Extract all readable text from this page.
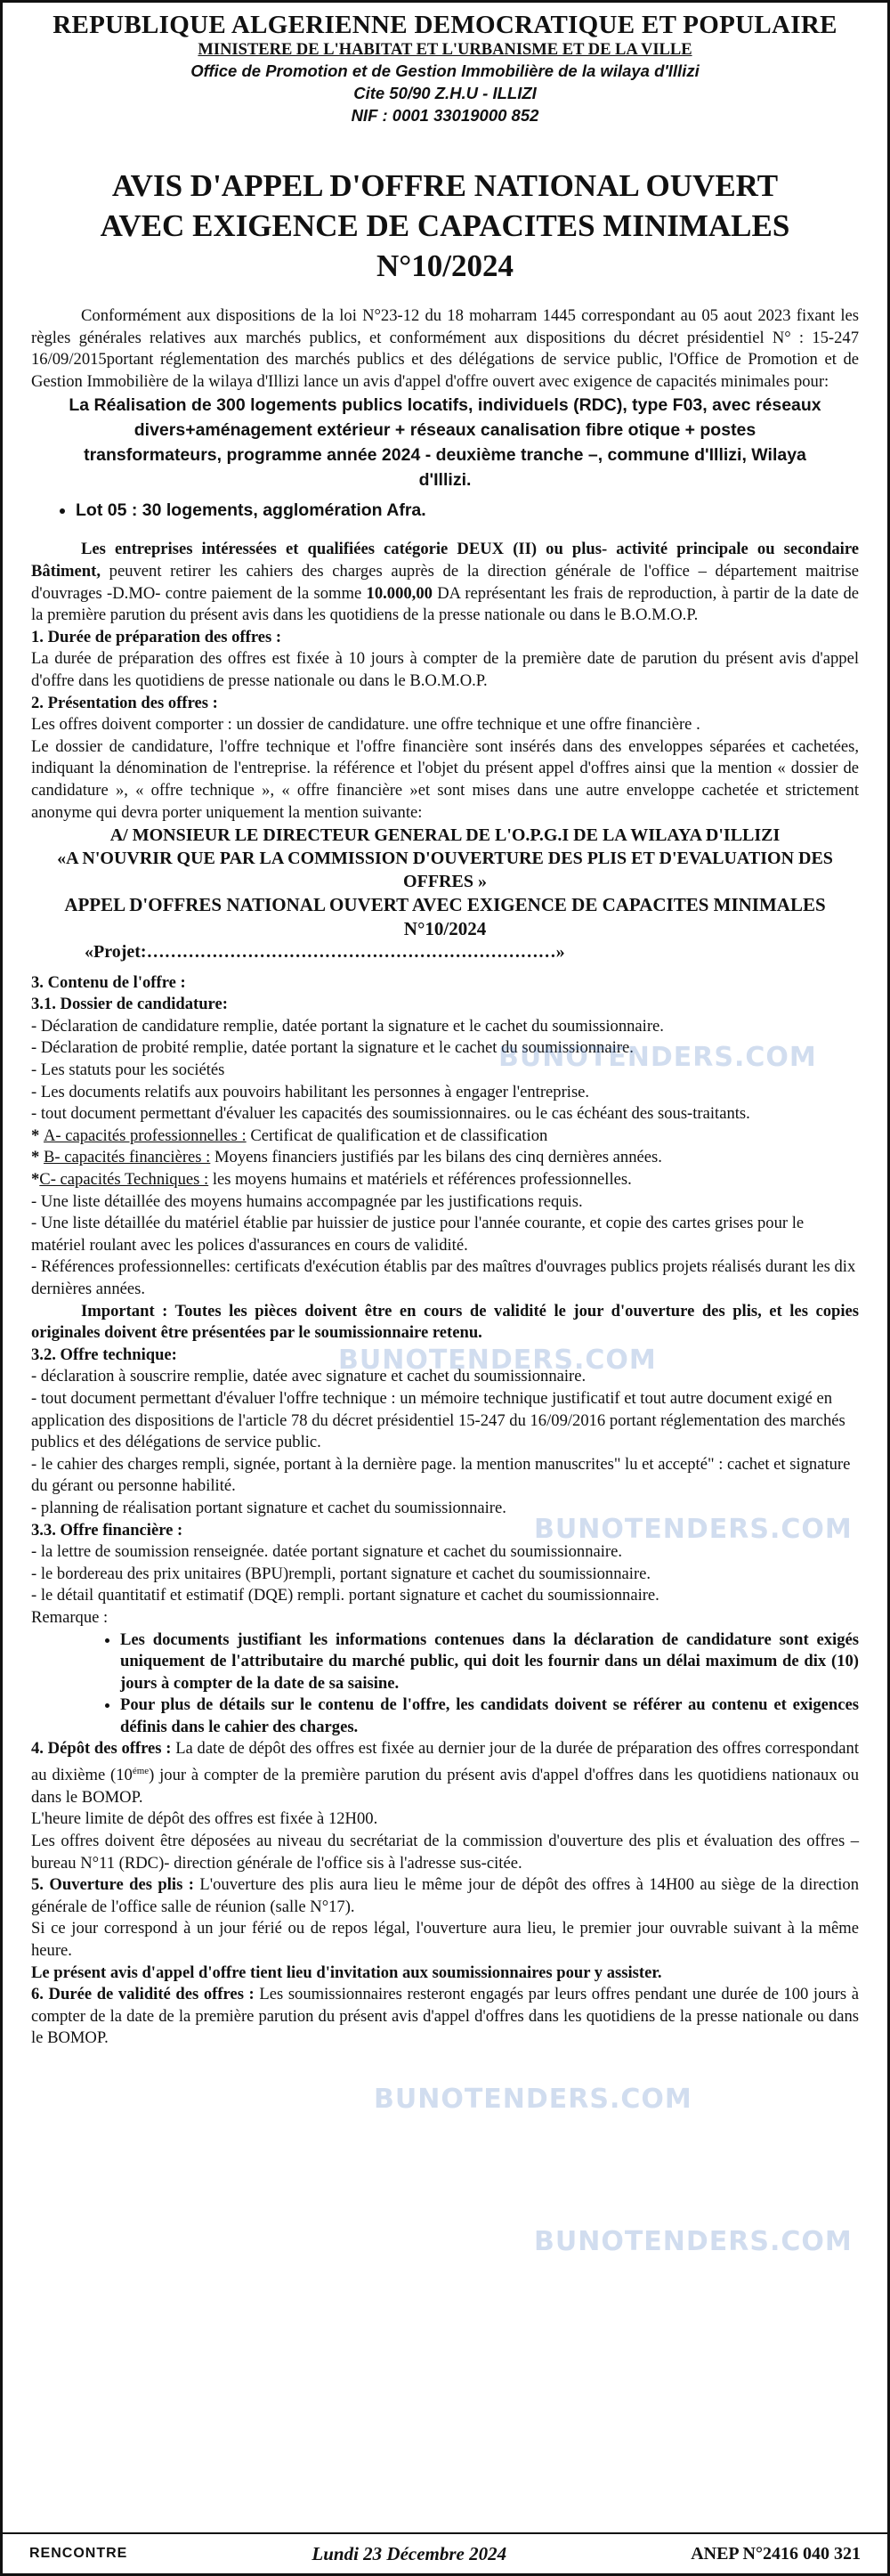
REPUBLIQUE ALGERIENNE DEMOCRATIQUE ET POPULAIRE
MINISTERE DE L'HABITAT ET L'URBANISME ET DE LA VILLE
Office de Promotion et de Gestion Immobilière de la wilaya d'Illizi
Cite 50/90 Z.H.U - ILLIZI
NIF : 0001 33019000 852
AVIS D'APPEL D'OFFRE NATIONAL OUVERT
AVEC EXIGENCE DE CAPACITES MINIMALES
N°10/2024

Conformément aux dispositions de la loi N°23-12 du 18 moharram 1445 correspondant au 05 aout 2023 fixant les règles générales relatives aux marchés publics, et conformément aux dispositions du décret présidentiel N° : 15-247 16/09/2015portant réglementation des marchés publics et des délégations de service public, l'Office de Promotion et de Gestion Immobilière de la wilaya d'Illizi lance un avis d'appel d'offre ouvert avec exigence de capacités minimales pour:

La Réalisation de 300 logements publics locatifs, individuels (RDC), type F03, avec réseaux divers+aménagement extérieur + réseaux canalisation fibre otique + postes transformateurs, programme année 2024 - deuxième tranche –, commune d'Illizi, Wilaya d'Illizi.
• Lot 05 : 30 logements, agglomération Afra.

Les entreprises intéressées et qualifiées catégorie DEUX (II) ou plus- activité principale ou secondaire Bâtiment, peuvent retirer les cahiers des charges auprès de la direction générale de l'office – département maitrise d'ouvrages -D.MO- contre paiement de la somme 10.000,00 DA représentant les frais de reproduction, à partir de la date de la première parution du présent avis dans les quotidiens de la presse nationale ou dans le B.O.M.O.P.

1. Durée de préparation des offres :

La durée de préparation des offres est fixée à 10 jours à compter de la première date de parution du présent avis d'appel d'offre dans les quotidiens de presse nationale ou dans le B.O.M.O.P.

2. Présentation des offres :

Les offres doivent comporter : un dossier de candidature. une offre technique et une offre financière .

Le dossier de candidature, l'offre technique et l'offre financière sont insérés dans des enveloppes séparées et cachetées, indiquant la dénomination de l'entreprise. la référence et l'objet du présent appel d'offres ainsi que la mention « dossier de candidature », « offre technique », « offre financière »et sont mises dans une autre enveloppe cachetée et strictement anonyme qui devra porter uniquement la mention suivante:

A/ MONSIEUR LE DIRECTEUR GENERAL DE L'O.P.G.I DE LA WILAYA D'ILLIZI
«A N'OUVRIR QUE PAR LA COMMISSION D'OUVERTURE DES PLIS ET D'EVALUATION DES OFFRES »
APPEL D'OFFRES NATIONAL OUVERT AVEC EXIGENCE DE CAPACITES MINIMALES N°10/2024
«Projet:……………………………………………………………»
3. Contenu de l'offre :
3.1. Dossier de candidature:
- Déclaration de candidature remplie, datée portant la signature et le cachet du soumissionnaire.
- Déclaration de probité remplie, datée portant la signature et le cachet du soumissionnaire.
- Les statuts pour les sociétés
- Les documents relatifs aux pouvoirs habilitant les personnes à engager l'entreprise.
- tout document permettant d'évaluer les capacités des soumissionnaires. ou le cas échéant des sous-traitants.
* A- capacités professionnelles : Certificat de qualification et de classification
* B- capacités financières : Moyens financiers justifiés par les bilans des cinq dernières années.
*C- capacités Techniques : les moyens humains et matériels et références professionnelles.
- Une liste détaillée des moyens humains accompagnée par les justifications requis.
- Une liste détaillée du matériel établie par huissier de justice pour l'année courante, et copie des cartes grises pour le matériel roulant avec les polices d'assurances en cours de validité.
- Références professionnelles: certificats d'exécution établis par des maîtres d'ouvrages publics projets réalisés durant les dix dernières années.

Important : Toutes les pièces doivent être en cours de validité le jour d'ouverture des plis, et les copies originales doivent être présentées par le soumissionnaire retenu.

3.2. Offre technique:
- déclaration à souscrire remplie, datée avec signature et cachet du soumissionnaire.
- tout document permettant d'évaluer l'offre technique : un mémoire technique justificatif et tout autre document exigé en application des dispositions de l'article 78 du décret présidentiel 15-247 du 16/09/2016 portant réglementation des marchés publics et des délégations de service public.
- le cahier des charges rempli, signée, portant à la dernière page. la mention manuscrites" lu et accepté" : cachet et signature du gérant ou personne habilité.
- planning de réalisation portant signature et cachet du soumissionnaire.
3.3. Offre financière :
- la lettre de soumission renseignée. datée portant signature et cachet du soumissionnaire.
- le bordereau des prix unitaires (BPU)rempli, portant signature et cachet du soumissionnaire.
- le détail quantitatif et estimatif (DQE) rempli. portant signature et cachet du soumissionnaire.
Remarque :
• Les documents justifiant les informations contenues dans la déclaration de candidature sont exigés uniquement de l'attributaire du marché public, qui doit les fournir dans un délai maximum de dix (10) jours à compter de la date de sa saisine.
• Pour plus de détails sur le contenu de l'offre, les candidats doivent se référer au contenu et exigences définis dans le cahier des charges.

4. Dépôt des offres : La date de dépôt des offres est fixée au dernier jour de la durée de préparation des offres correspondant au dixième $(10^{éme})$ jour à compter de la première parution du présent avis d'appel d'offres dans les quotidiens nationaux ou dans le BOMOP.

L'heure limite de dépôt des offres est fixée à 12H00.

Les offres doivent être déposées au niveau du secrétariat de la commission d'ouverture des plis et évaluation des offres –bureau N°11 (RDC)- direction générale de l'office sis à l'adresse sus-citée.

5. Ouverture des plis : L'ouverture des plis aura lieu le même jour de dépôt des offres à 14H00 au siège de la direction générale de l'office salle de réunion (salle N°17).

Si ce jour correspond à un jour férié ou de repos légal, l'ouverture aura lieu, le premier jour ouvrable suivant à la même heure.

Le présent avis d'appel d'offre tient lieu d'invitation aux soumissionnaires pour y assister.

6. Durée de validité des offres : Les soumissionnaires resteront engagés par leurs offres pendant une durée de 100 jours à compter de la date de la première parution du présent avis d'appel d'offres dans les quotidiens de la presse nationale ou dans le BOMOP.

BUNOTENDERS.COM
BUNOTENDERS.COM
BUNOTENDERS.COM
BUNOTENDERS.COM
BUNOTENDERS.COM
RENCONTRE	Lundi 23 Décembre 2024	ANEP N°2416 040 321
